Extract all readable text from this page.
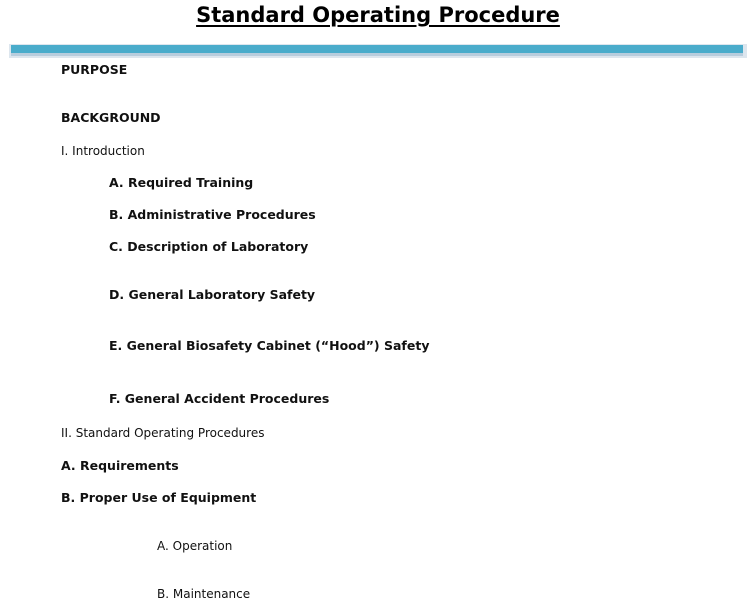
Standard Operating Procedure
PURPOSE
BACKGROUND
I. Introduction
A. Required Training
B. Administrative Procedures
C. Description of Laboratory
D. General Laboratory Safety
E. General Biosafety Cabinet (“Hood”) Safety
F. General Accident Procedures
II. Standard Operating Procedures
A. Requirements
B. Proper Use of Equipment
A. Operation
B. Maintenance
